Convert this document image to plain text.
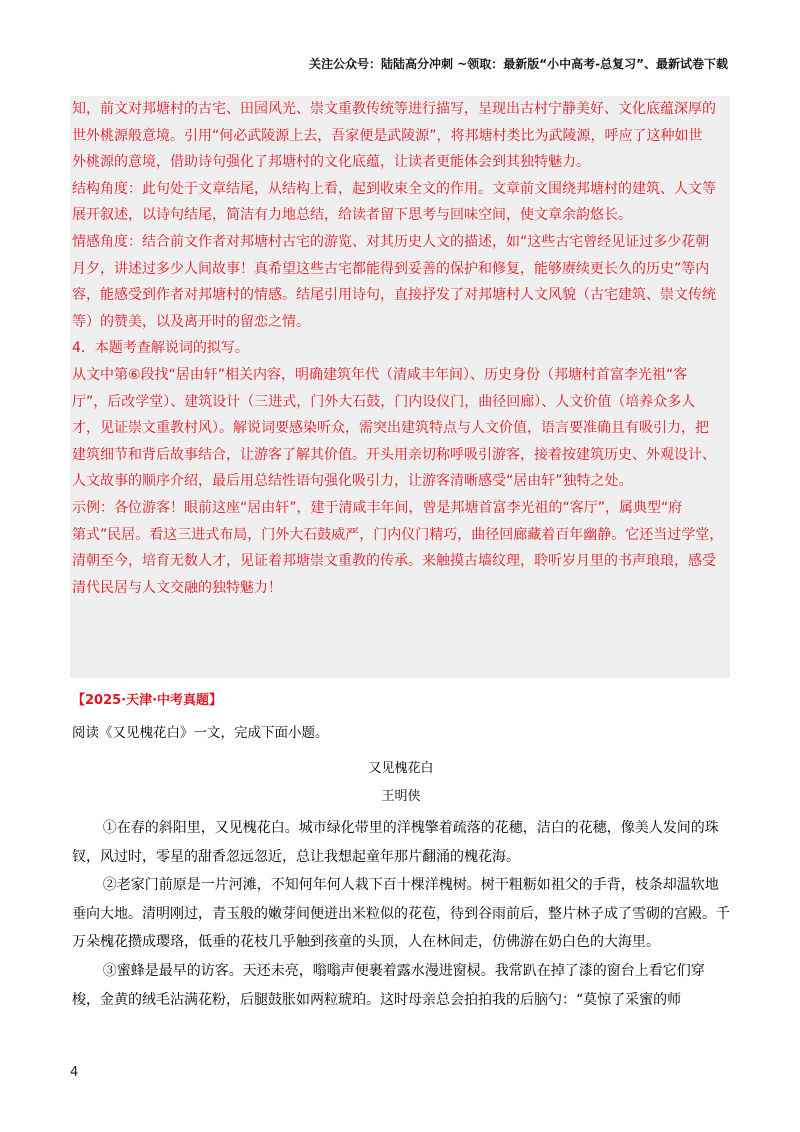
关注公众号：陆陆高分冲刺 ~领取：最新版“小中高考-总复习”、最新试卷下载

知，前文对邦塘村的古宅、田园风光、崇文重教传统等进行描写，呈现出古村宁静美好、文化底蕴深厚的

世外桃源般意境。引用“何必武陵源上去，吾家便是武陵源”，将邦塘村类比为武陵源，呼应了这种如世

外桃源的意境，借助诗句强化了邦塘村的文化底蕴，让读者更能体会到其独特魅力。

结构角度：此句处于文章结尾，从结构上看，起到收束全文的作用。文章前文围绕邦塘村的建筑、人文等

展开叙述，以诗句结尾，简洁有力地总结，给读者留下思考与回味空间，使文章余韵悠长。

情感角度：结合前文作者对邦塘村古宅的游览、对其历史人文的描述，如“这些古宅曾经见证过多少花朝

月夕，讲述过多少人间故事！真希望这些古宅都能得到妥善的保护和修复，能够赓续更长久的历史”等内

容，能感受到作者对邦塘村的情感。结尾引用诗句，直接抒发了对邦塘村人文风貌（古宅建筑、崇文传统

等）的赞美，以及离开时的留恋之情。

4．本题考查解说词的拟写。

从文中第⑥段找“居由轩”相关内容，明确建筑年代（清咸丰年间）、历史身份（邦塘村首富李光祖“客

厅”，后改学堂）、建筑设计（三进式，门外大石鼓，门内设仪门，曲径回廊）、人文价值（培养众多人

才，见证崇文重教村风）。解说词要感染听众，需突出建筑特点与人文价值，语言要准确且有吸引力，把

建筑细节和背后故事结合，让游客了解其价值。开头用亲切称呼吸引游客，接着按建筑历史、外观设计、

人文故事的顺序介绍，最后用总结性语句强化吸引力，让游客清晰感受“居由轩”独特之处。

示例：各位游客！眼前这座“居由轩”，建于清咸丰年间，曾是邦塘首富李光祖的“客厅”，属典型“府

第式”民居。看这三进式布局，门外大石鼓威严，门内仪门精巧，曲径回廊藏着百年幽静。它还当过学堂，

清朝至今，培育无数人才，见证着邦塘崇文重教的传承。来触摸古墙纹理，聆听岁月里的书声琅琅，感受

清代民居与人文交融的独特魅力！

【2025·天津·中考真题】
阅读《又见槐花白》一文，完成下面小题。
又见槐花白
王明侠

①在春的斜阳里，又见槐花白。城市绿化带里的洋槐擎着疏落的花穗，洁白的花穗，像美人发间的珠钗，风过时，零星的甜香忽远忽近，总让我想起童年那片翻涌的槐花海。

②老家门前原是一片河滩，不知何年何人栽下百十棵洋槐树。树干粗粝如祖父的手背，枝条却温软地垂向大地。清明刚过，青玉般的嫩芽间便迸出米粒似的花苞，待到谷雨前后，整片林子成了雪砌的宫殿。千万朵槐花攒成璎珞，低垂的花枝几乎触到孩童的头顶，人在林间走，仿佛游在奶白色的大海里。

③蜜蜂是最早的访客。天还未亮，嗡嗡声便裹着露水漫进窗棂。我常趴在掉了漆的窗台上看它们穿梭，金黄的绒毛沾满花粉，后腿鼓胀如两粒琥珀。这时母亲总会拍拍我的后脑勺：“莫惊了采蜜的师

4
